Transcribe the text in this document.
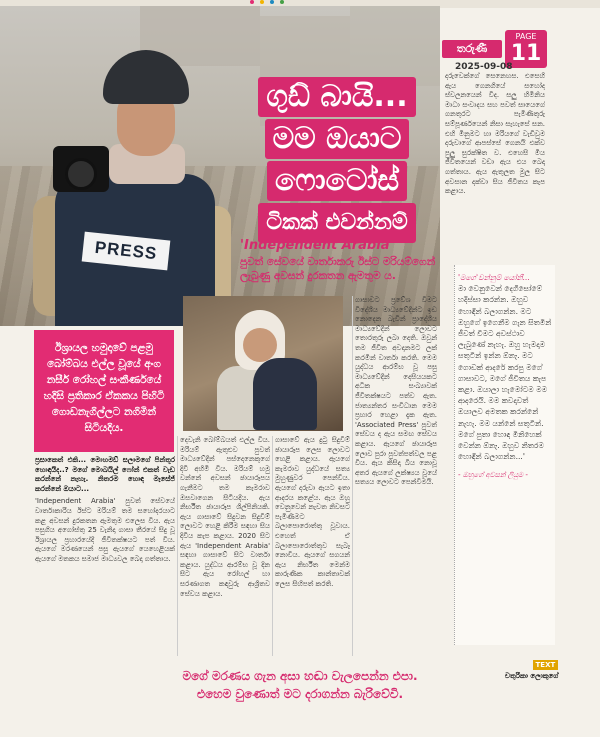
PRESS
තරුණී
PAGE
11
2025-09-08
ගුඩ් බායි...
මම ඔයාට
ෆොටෝස්
ටිකක් එවන්නම්
'Independent Arabia'
පුවත් සේවයේ වාර්තාකරු ඊස්ට මරියම්ගෙන් ලැබුණු අවසන් දුරකතන ඇමතුම ය.
ඊශ්‍රායල හමුදාවේ පළමු බෝම්බය එල්ල වූයේ අංග නසීර් රෝහල් සංකීර්ණයේ හදිසි ප්‍රතිකාර ඒකකය පිහිටි ගොඩනැගිල්ලට නගිමින් සිටියදිය.

ප්‍රසාකෙත් එකි... මොහමඩ් සලාමගේ පින්තූර හොඳයිද..? මගේ මොබයිල් ෆෝන් එකත් වැඩ කරන්නේ නැහැ. නිතරම හොඳ මැසේජ් කරන්නේ ඔයාට...

'Independent Arabia' පුවත් සේවයේ වාර්තාකාරිය ඊස්ට මරියම් තම සහෝදරයාට කළ අවසන් දුරකතන ඇමතුම එලෙස විය. ඇය පසුගිය අගෝස්තු 25 වැනිදා ගාසා තීරයේ සිදු වූ ඊශ්‍රායල ප්‍රහාරයේදී ජීවිතක්ෂයට පත් විය. ඇයගේ මරණයෙන් පසු ඇයගේ යෙහෙළියක් ඇයගේ මතකය සමාජ මාධ්‍යවල බෙදා ගත්තාය.

දෙවැනි බෝම්බයත් එල්ල විය. මරියම් ඇතුළුව පුවත් මාධ්‍යවේදීන් පස්දෙනෙකුගේ දිවි අහිමි විය. මරියම් හමු වන්නේ අවසන් ඡායාරූපය ගැනීමට තම කැමරාව ඔසවාගෙන සිටියදීය. ඇය නිර්භීත ඡායාරූප ශිල්පිනියකි. ඇය ගාසාවේ සිදුවන සිදුවීම් ලොවට හෙළි කිරීම සඳහා සිය දිවිය කැප කළාය. 2020 සිට ඇය 'Independent Arabia' සඳහා ගාසාවේ සිට වාර්තා කළාය. යුද්ධය ආරම්භ වූ දින සිට ඇය රෝහල් හා සරණාගත කඳවුරු ආශ්‍රිතව සේවය කළාය.

ගාසාවේ ඇය දුටු සිදුවීම් ඡායාරූප ලෙස ලොවට හෙළි කළාය. ඇයගේ කැමරාව යුද්ධයේ සත්‍ය මුහුණුවර පෙන්වීය. ඇයගේ දරුවා ඇයට ඉතා ආදරය කළේය. ඇය ඔහු වෙනුවෙන් නැවත නිවසට පැමිණීමට බලාපොරොත්තු වූවාය. එහෙත් ඒ බලාපොරොත්තුව සැබෑ නොවීය. ඇයගේ සගයන් ඇය නිර්භීත මෙන්ම කාරුණික කාන්තාවක් ලෙස සිහිපත් කරති.

ගාසාවට ප්‍රවේශ වීමට විදේශීය මාධ්‍යවේදීන්ට ඉඩ නොදෙන බැවින් ප්‍රාදේශීය මාධ්‍යවේදීන් ලොවට තොරතුරු ලබා දෙති. ඔවුන් තම ජීවිත අවදානමට ලක් කරමින් වාර්තා කරති. මෙම යුද්ධය ආරම්භ වූ පසු මාධ්‍යවේදීන් දෙසියයකට අධික සංඛ්‍යාවක් ජීවිතක්ෂයට පත්ව ඇත. ජාත්‍යන්තර සංවිධාන මෙම ප්‍රහාර හෙළා දැක ඇත. 'Associated Press' පුවත් සේවය ද ඇය සමඟ සේවය කළාය. ඇයගේ ඡායාරූප ලොව පුරා පුවත්පත්වල පළ විය. ඇය කිසිදා බිය නොවූ අතර ඇයගේ ලක්ෂ්‍යය වූයේ සත්‍යය ලොවට පෙන්වීමයි.

දරුවෙක්ගේ සෙනෙහස. එසෙහි ඇය ගෙනගියේ සහෝද ස්වලනයෙන් විද. සලු හිමිනිය මාධා සංවාදය සහ පවත් සායෙගේ ගනතුරට පැමිණිතුරු සම්පූර්ණයෙන් නිසා සැහැසේ සන. එහි මිනුමට හා මරියගේ වැඩිවුම දරුවාගේ ආපස්සේ ගෙනයි එක්ව පුලු සුරක්ෂිත ව. එහෙසි මිය ජීවිතයෙන් වඩා ඇය එය බෙදා ගත්තාය. ඇය ඇතුලත මුල සිට අවසාන දක්වා සිය ජීවිතය කැප කළාය.

'මගේ වන්නුම් යෝනී...
මා වෙනුවෙන් දෙගිසෝමේ හදිස්සා කරන්න. ඔහුව හොඳින් බලාගන්න. මට ඔහුගේ ඉගෙනීම ගැන සිතමින් ජීවත් වීමට අවස්ථාව ලැබුණේ නැහැ. ඔහු හැමදාම සතුටින් ඉන්න ඕනෑ. මට ගොඩක් ආදරේ කරපු මගේ ගාසාවට, මගේ ජීවිතය කැප කළා. ඔයාලා හැමෝටම මම ආදරෙයි. මම කවදාවත් ඔයාලව අමතක කරන්නේ නැහැ. මම යන්නේ සතුටින්. මගේ පුතා හොඳ මිනිහෙක් වෙන්න ඕනෑ. ඔහුව නිතරම හොඳින් බලාගන්න...'
- ඔහුගේ අවසන් ලියුම -
TEXT
චතුරිකා ලොකුගේ
මගේ මරණය ගැන අසා හඬා වැලපෙන්න එපා.
එහෙම වුණොත් මට දරාගන්න බැරිවේවි.
